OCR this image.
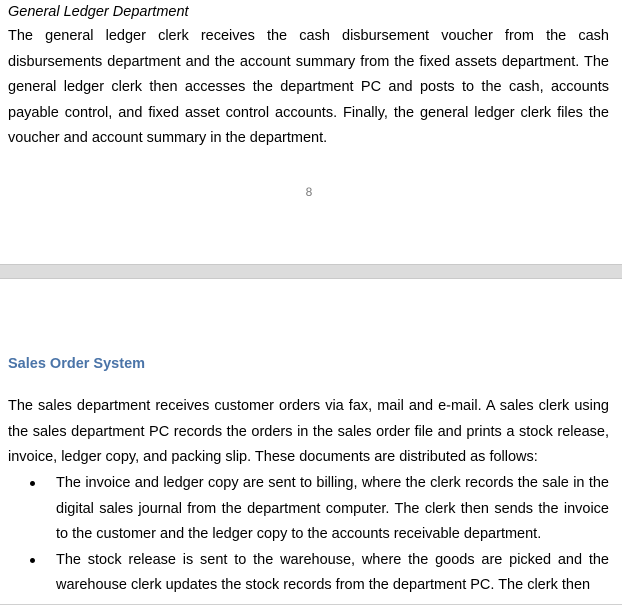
General Ledger Department

The general ledger clerk receives the cash disbursement voucher from the cash disbursements department and the account summary from the fixed assets department. The general ledger clerk then accesses the department PC and posts to the cash, accounts payable control, and fixed asset control accounts. Finally, the general ledger clerk files the voucher and account summary in the department.

8
Sales Order System

The sales department receives customer orders via fax, mail and e-mail. A sales clerk using the sales department PC records the orders in the sales order file and prints a stock release, invoice, ledger copy, and packing slip. These documents are distributed as follows:

The invoice and ledger copy are sent to billing, where the clerk records the sale in the digital sales journal from the department computer. The clerk then sends the invoice to the customer and the ledger copy to the accounts receivable department.
The stock release is sent to the warehouse, where the goods are picked and the warehouse clerk updates the stock records from the department PC. The clerk then
